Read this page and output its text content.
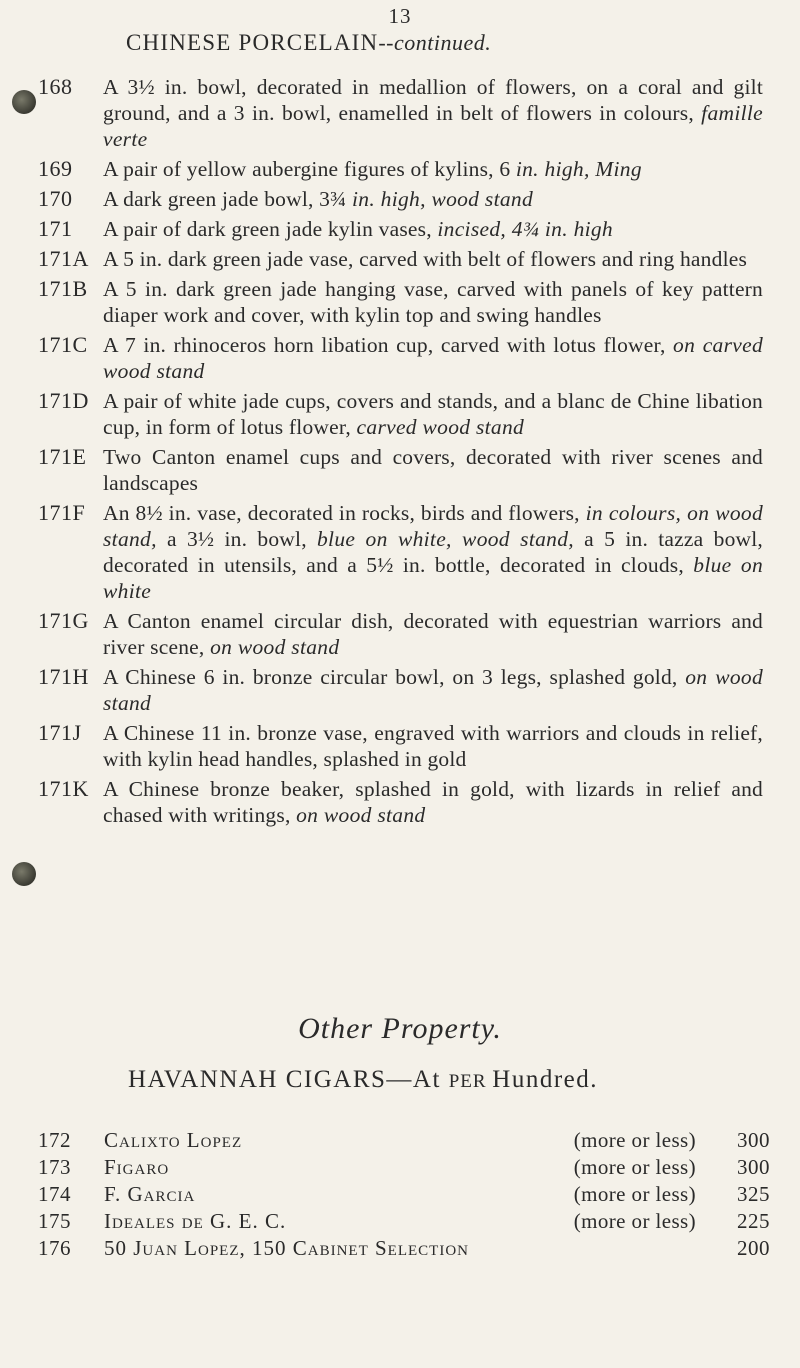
13
CHINESE PORCELAIN--continued.
168	A 3½ in. bowl, decorated in medallion of flowers, on a coral and gilt ground, and a 3 in. bowl, enamelled in belt of flowers in colours, famille verte
169	A pair of yellow aubergine figures of kylins, 6 in. high, Ming
170	A dark green jade bowl, 3¾ in. high, wood stand
171	A pair of dark green jade kylin vases, incised, 4¾ in. high
171A A 5 in. dark green jade vase, carved with belt of flowers and ring handles
171B A 5 in. dark green jade hanging vase, carved with panels of key pattern diaper work and cover, with kylin top and swing handles
171C A 7 in. rhinoceros horn libation cup, carved with lotus flower, on carved wood stand
171D A pair of white jade cups, covers and stands, and a blanc de Chine libation cup, in form of lotus flower, carved wood stand
171E Two Canton enamel cups and covers, decorated with river scenes and landscapes
171F An 8½ in. vase, decorated in rocks, birds and flowers, in colours, on wood stand, a 3½ in. bowl, blue on white, wood stand, a 5 in. tazza bowl, decorated in utensils, and a 5½ in. bottle, decorated in clouds, blue on white
171G A Canton enamel circular dish, decorated with equestrian warriors and river scene, on wood stand
171H A Chinese 6 in. bronze circular bowl, on 3 legs, splashed gold, on wood stand
171J A Chinese 11 in. bronze vase, engraved with warriors and clouds in relief, with kylin head handles, splashed in gold
171K A Chinese bronze beaker, splashed in gold, with lizards in relief and chased with writings, on wood stand
Other Property.
HAVANNAH CIGARS—At PER Hundred.
172 Calixto Lopez	(more or less) 300
173 Figaro	(more or less) 300
174 F. Garcia	(more or less) 325
175 Ideales de G. E. C.	(more or less) 225
176 50 Juan Lopez, 150 Cabinet Selection	200
